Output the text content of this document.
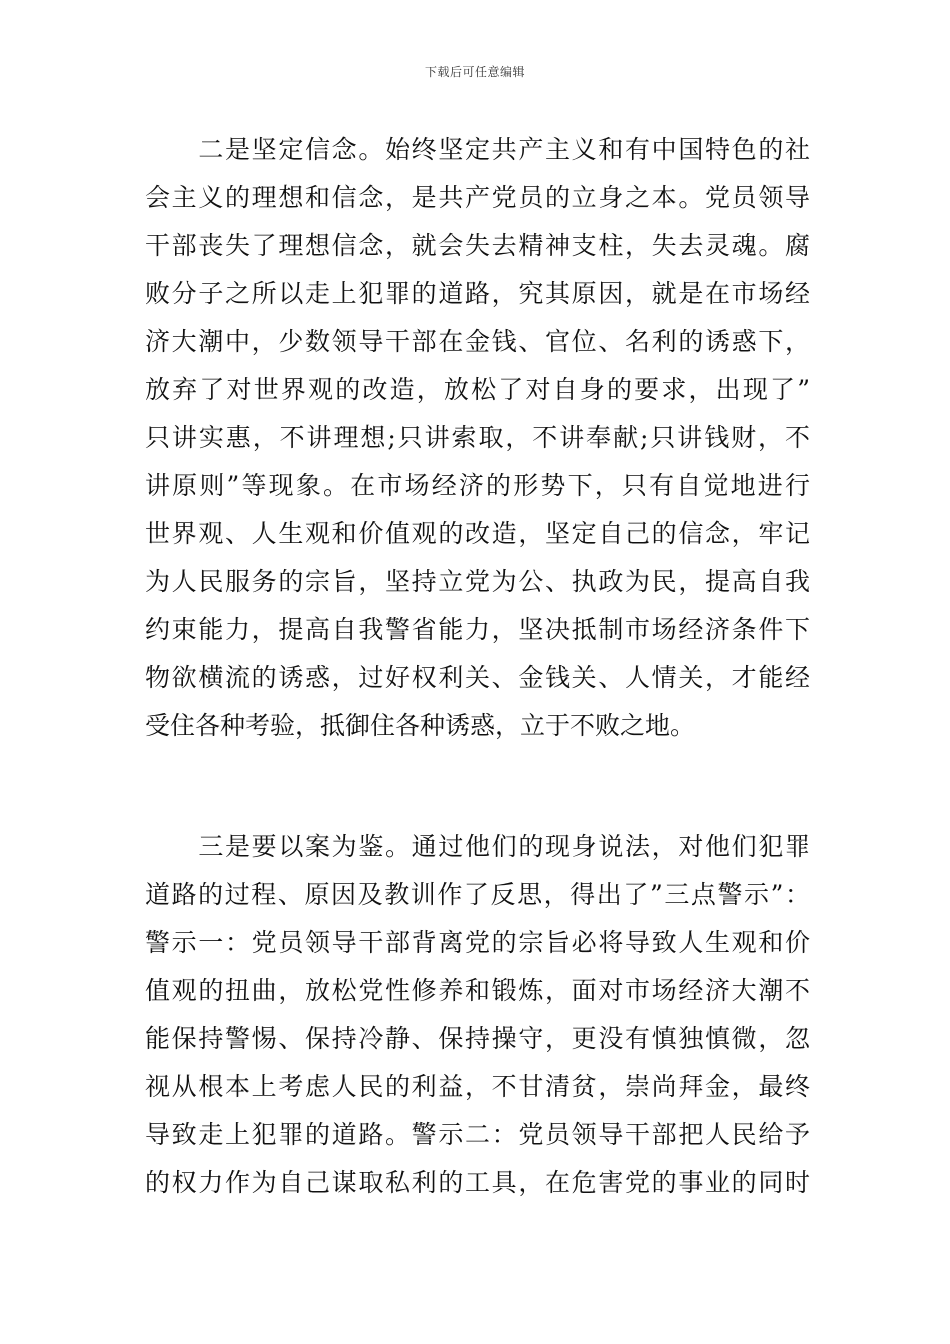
下载后可任意编辑
　　二是坚定信念。始终坚定共产主义和有中国特色的社
会主义的理想和信念，是共产党员的立身之本。党员领导
干部丧失了理想信念，就会失去精神支柱，失去灵魂。腐
败分子之所以走上犯罪的道路，究其原因，就是在市场经
济大潮中，少数领导干部在金钱、官位、名利的诱惑下，
放弃了对世界观的改造，放松了对自身的要求，出现了”
只讲实惠，不讲理想;只讲索取，不讲奉献;只讲钱财，不
讲原则”等现象。在市场经济的形势下，只有自觉地进行
世界观、人生观和价值观的改造，坚定自己的信念，牢记
为人民服务的宗旨，坚持立党为公、执政为民，提高自我
约束能力，提高自我警省能力，坚决抵制市场经济条件下
物欲横流的诱惑，过好权利关、金钱关、人情关，才能经
受住各种考验，抵御住各种诱惑，立于不败之地。
　　三是要以案为鉴。通过他们的现身说法，对他们犯罪
道路的过程、原因及教训作了反思，得出了”三点警示”：
警示一：党员领导干部背离党的宗旨必将导致人生观和价
值观的扭曲，放松党性修养和锻炼，面对市场经济大潮不
能保持警惕、保持冷静、保持操守，更没有慎独慎微，忽
视从根本上考虑人民的利益，不甘清贫，崇尚拜金，最终
导致走上犯罪的道路。警示二：党员领导干部把人民给予
的权力作为自己谋取私利的工具，在危害党的事业的同时
